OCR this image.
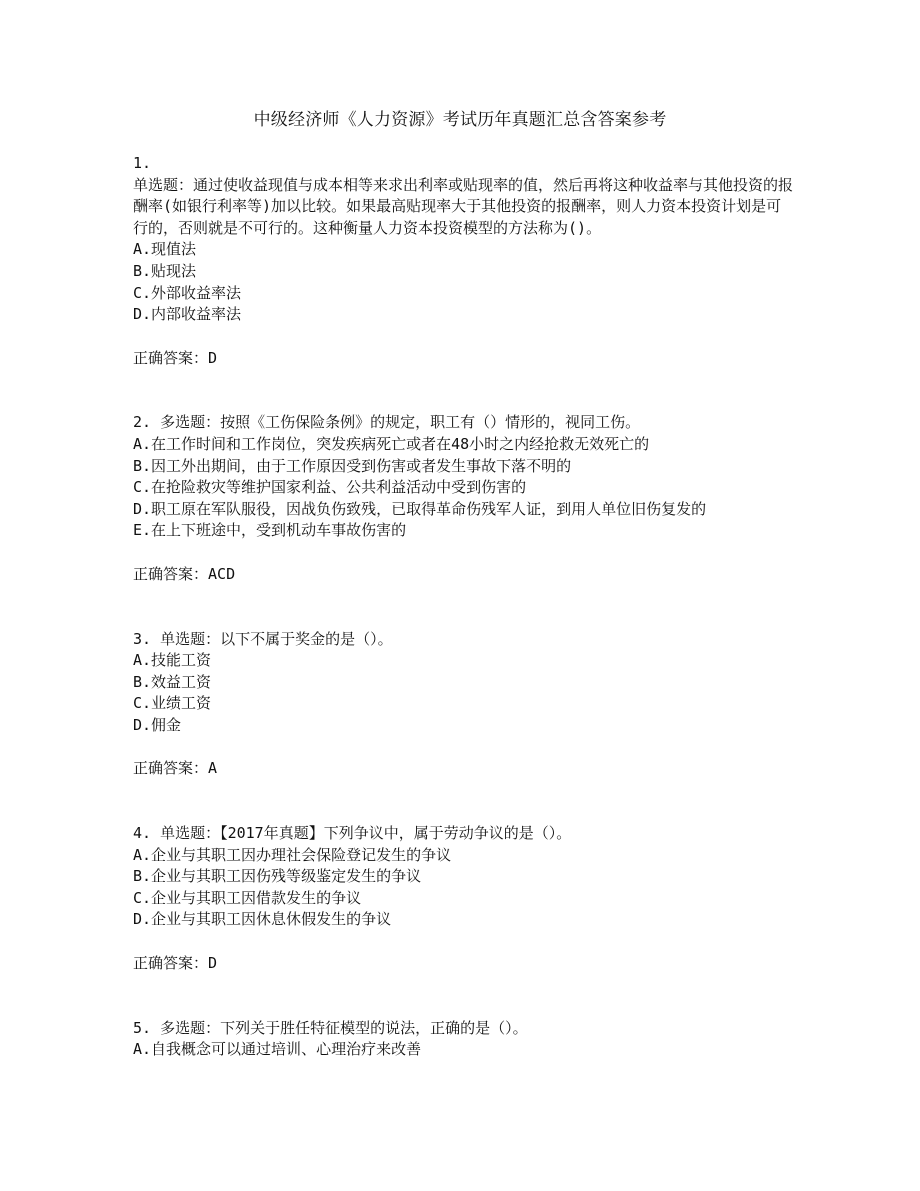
中级经济师《人力资源》考试历年真题汇总含答案参考
1.
单选题：通过使收益现值与成本相等来求出利率或贴现率的值，然后再将这种收益率与其他投资的报酬率(如银行利率等)加以比较。如果最高贴现率大于其他投资的报酬率，则人力资本投资计划是可行的，否则就是不可行的。这种衡量人力资本投资模型的方法称为()。
A.现值法
B.贴现法
C.外部收益率法
D.内部收益率法
正确答案：D
2. 多选题：按照《工伤保险条例》的规定，职工有（）情形的，视同工伤。
A.在工作时间和工作岗位，突发疾病死亡或者在48小时之内经抢救无效死亡的
B.因工外出期间，由于工作原因受到伤害或者发生事故下落不明的
C.在抢险救灾等维护国家利益、公共利益活动中受到伤害的
D.职工原在军队服役，因战负伤致残，已取得革命伤残军人证，到用人单位旧伤复发的
E.在上下班途中，受到机动车事故伤害的
正确答案：ACD
3. 单选题：以下不属于奖金的是（）。
A.技能工资
B.效益工资
C.业绩工资
D.佣金
正确答案：A
4. 单选题：【2017年真题】下列争议中，属于劳动争议的是（）。
A.企业与其职工因办理社会保险登记发生的争议
B.企业与其职工因伤残等级鉴定发生的争议
C.企业与其职工因借款发生的争议
D.企业与其职工因休息休假发生的争议
正确答案：D
5. 多选题：下列关于胜任特征模型的说法，正确的是（）。
A.自我概念可以通过培训、心理治疗来改善
